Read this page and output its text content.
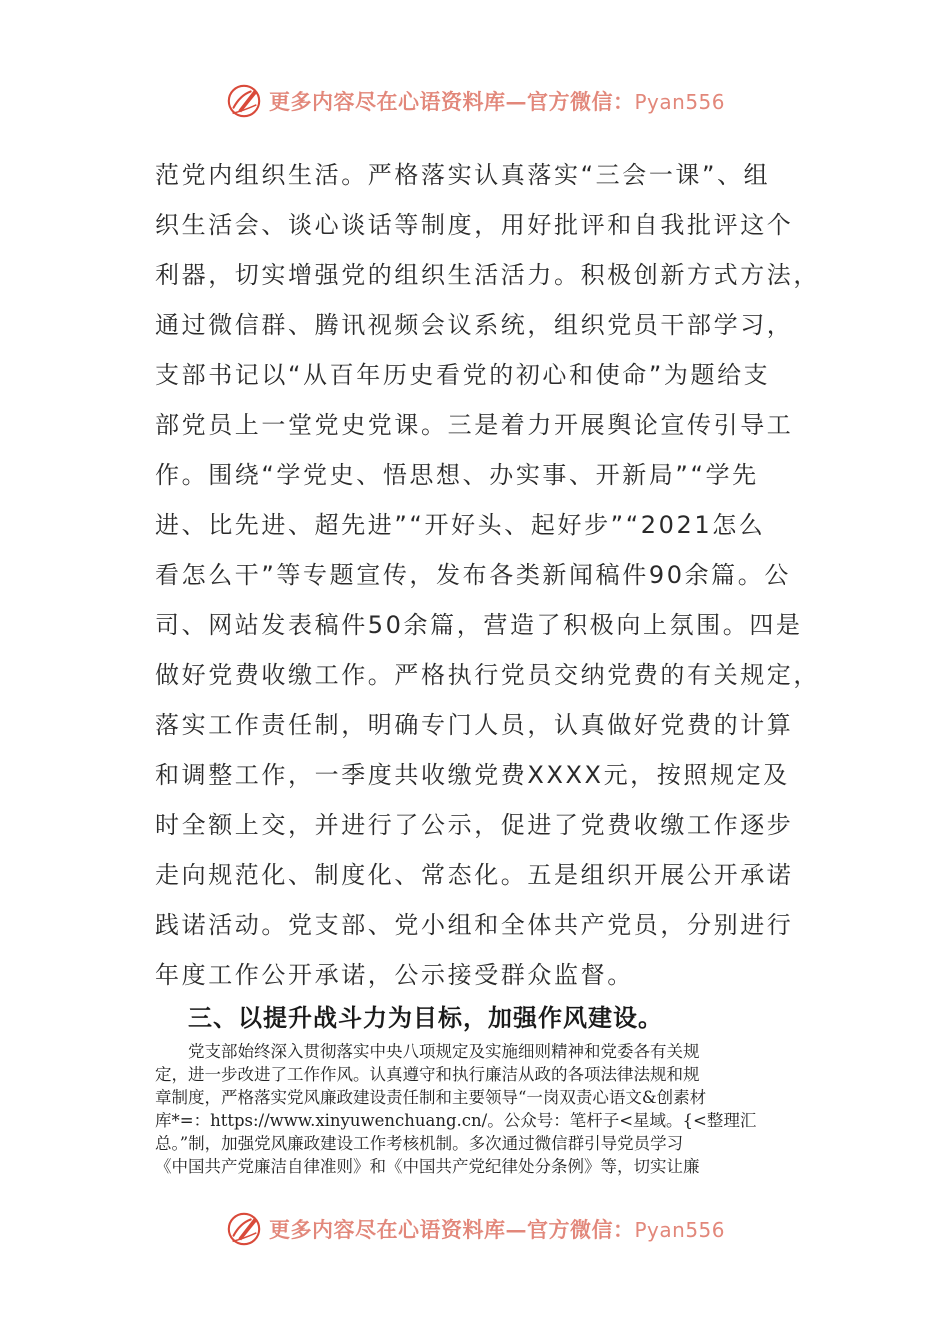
更多内容尽在心语资料库—官方微信：Pyan556
范党内组织生活。严格落实认真落实“三会一课”、组
织生活会、谈心谈话等制度，用好批评和自我批评这个
利器，切实增强党的组织生活活力。积极创新方式方法，
通过微信群、腾讯视频会议系统，组织党员干部学习，
支部书记以“从百年历史看党的初心和使命”为题给支
部党员上一堂党史党课。三是着力开展舆论宣传引导工
作。围绕“学党史、悟思想、办实事、开新局”“学先
进、比先进、超先进”“开好头、起好步”“2021怎么
看怎么干”等专题宣传，发布各类新闻稿件90余篇。公
司、网站发表稿件50余篇，营造了积极向上氛围。四是
做好党费收缴工作。严格执行党员交纳党费的有关规定，
落实工作责任制，明确专门人员，认真做好党费的计算
和调整工作，一季度共收缴党费XXXX元，按照规定及
时全额上交，并进行了公示，促进了党费收缴工作逐步
走向规范化、制度化、常态化。五是组织开展公开承诺
践诺活动。党支部、党小组和全体共产党员，分别进行
年度工作公开承诺，公示接受群众监督。
三、以提升战斗力为目标，加强作风建设。
　　党支部始终深入贯彻落实中央八项规定及实施细则精神和党委各有关规
定，进一步改进了工作作风。认真遵守和执行廉洁从政的各项法律法规和规
章制度，严格落实党风廉政建设责任制和主要领导“一岗双责心语文&创素材
库*=：https://www.xinyuwenchuang.cn/。公众号：笔杆子<星域。{<整理汇
总。”制，加强党风廉政建设工作考核机制。多次通过微信群引导党员学习
《中国共产党廉洁自律准则》和《中国共产党纪律处分条例》等，切实让廉
更多内容尽在心语资料库—官方微信：Pyan556
